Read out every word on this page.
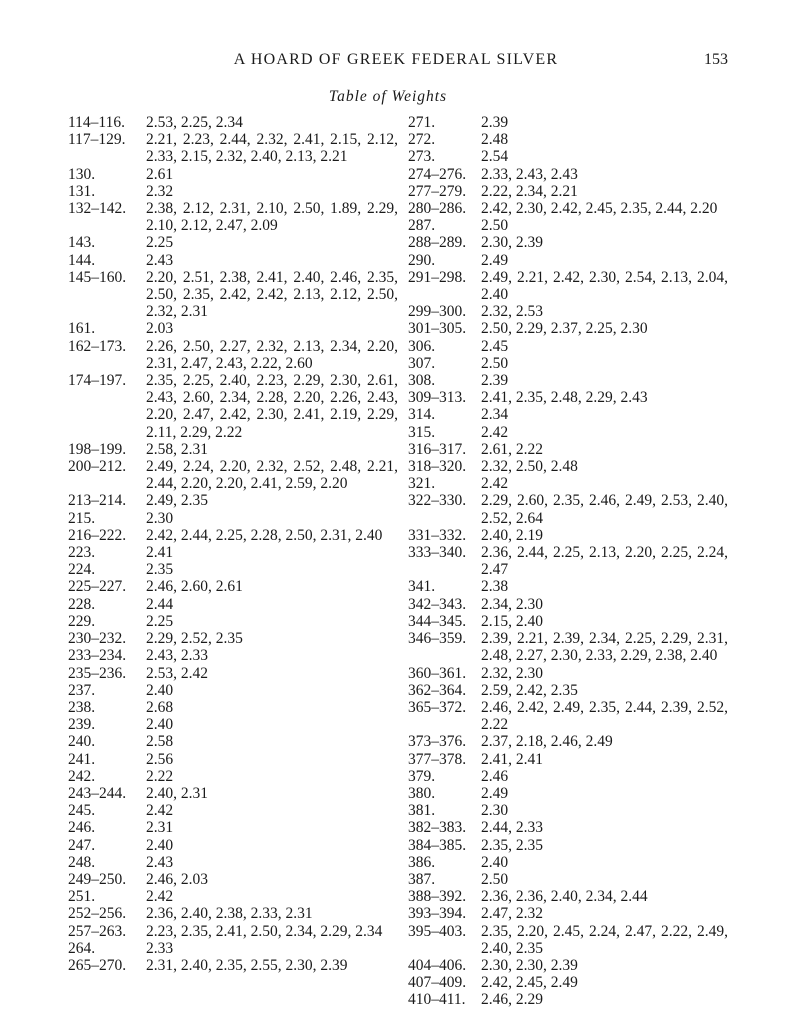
A HOARD OF GREEK FEDERAL SILVER	153
Table of Weights
114–116.	2.53, 2.25, 2.34
117–129.	2.21, 2.23, 2.44, 2.32, 2.41, 2.15, 2.12, 2.33, 2.15, 2.32, 2.40, 2.13, 2.21
130.	2.61
131.	2.32
132–142.	2.38, 2.12, 2.31, 2.10, 2.50, 1.89, 2.29, 2.10, 2.12, 2.47, 2.09
143.	2.25
144.	2.43
145–160.	2.20, 2.51, 2.38, 2.41, 2.40, 2.46, 2.35, 2.50, 2.35, 2.42, 2.42, 2.13, 2.12, 2.50, 2.32, 2.31
161.	2.03
162–173.	2.26, 2.50, 2.27, 2.32, 2.13, 2.34, 2.20, 2.31, 2.47, 2.43, 2.22, 2.60
174–197.	2.35, 2.25, 2.40, 2.23, 2.29, 2.30, 2.61, 2.43, 2.60, 2.34, 2.28, 2.20, 2.26, 2.43, 2.20, 2.47, 2.42, 2.30, 2.41, 2.19, 2.29, 2.11, 2.29, 2.22
198–199.	2.58, 2.31
200–212.	2.49, 2.24, 2.20, 2.32, 2.52, 2.48, 2.21, 2.44, 2.20, 2.20, 2.41, 2.59, 2.20
213–214.	2.49, 2.35
215.	2.30
216–222.	2.42, 2.44, 2.25, 2.28, 2.50, 2.31, 2.40
223.	2.41
224.	2.35
225–227.	2.46, 2.60, 2.61
228.	2.44
229.	2.25
230–232.	2.29, 2.52, 2.35
233–234.	2.43, 2.33
235–236.	2.53, 2.42
237.	2.40
238.	2.68
239.	2.40
240.	2.58
241.	2.56
242.	2.22
243–244.	2.40, 2.31
245.	2.42
246.	2.31
247.	2.40
248.	2.43
249–250.	2.46, 2.03
251.	2.42
252–256.	2.36, 2.40, 2.38, 2.33, 2.31
257–263.	2.23, 2.35, 2.41, 2.50, 2.34, 2.29, 2.34
264.	2.33
265–270.	2.31, 2.40, 2.35, 2.55, 2.30, 2.39
271.	2.39
272.	2.48
273.	2.54
274–276. 2.33, 2.43, 2.43
277–279. 2.22, 2.34, 2.21
280–286. 2.42, 2.30, 2.42, 2.45, 2.35, 2.44, 2.20
287.	2.50
288–289. 2.30, 2.39
290.	2.49
291–298. 2.49, 2.21, 2.42, 2.30, 2.54, 2.13, 2.04, 2.40
299–300. 2.32, 2.53
301–305. 2.50, 2.29, 2.37, 2.25, 2.30
306.	2.45
307.	2.50
308.	2.39
309–313. 2.41, 2.35, 2.48, 2.29, 2.43
314.	2.34
315.	2.42
316–317. 2.61, 2.22
318–320. 2.32, 2.50, 2.48
321.	2.42
322–330. 2.29, 2.60, 2.35, 2.46, 2.49, 2.53, 2.40, 2.52, 2.64
331–332. 2.40, 2.19
333–340. 2.36, 2.44, 2.25, 2.13, 2.20, 2.25, 2.24, 2.47
341.	2.38
342–343. 2.34, 2.30
344–345. 2.15, 2.40
346–359. 2.39, 2.21, 2.39, 2.34, 2.25, 2.29, 2.31, 2.48, 2.27, 2.30, 2.33, 2.29, 2.38, 2.40
360–361. 2.32, 2.30
362–364. 2.59, 2.42, 2.35
365–372. 2.46, 2.42, 2.49, 2.35, 2.44, 2.39, 2.52, 2.22
373–376. 2.37, 2.18, 2.46, 2.49
377–378. 2.41, 2.41
379.	2.46
380.	2.49
381.	2.30
382–383. 2.44, 2.33
384–385. 2.35, 2.35
386.	2.40
387.	2.50
388–392. 2.36, 2.36, 2.40, 2.34, 2.44
393–394. 2.47, 2.32
395–403. 2.35, 2.20, 2.45, 2.24, 2.47, 2.22, 2.49, 2.40, 2.35
404–406. 2.30, 2.30, 2.39
407–409. 2.42, 2.45, 2.49
410–411. 2.46, 2.29
